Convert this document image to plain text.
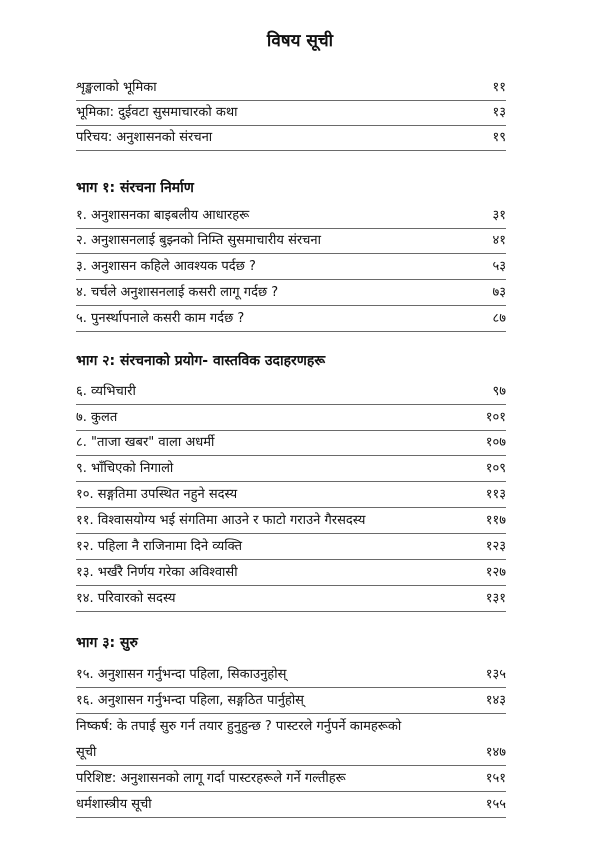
विषय सूची
शृङ्खलाको भूमिका	११
भूमिका: दुईवटा सुसमाचारको कथा	१३
परिचय: अनुशासनको संरचना	१९
भाग १: संरचना निर्माण
१. अनुशासनका बाइबलीय आधारहरू	३१
२. अनुशासनलाई बुझ्नको निम्ति सुसमाचारीय संरचना	४१
३. अनुशासन कहिले आवश्यक पर्दछ ?	५३
४. चर्चले अनुशासनलाई कसरी लागू गर्दछ ?	७३
५. पुनर्स्थापनाले कसरी काम गर्दछ ?	८७
भाग २: संरचनाको प्रयोग- वास्तविक उदाहरणहरू
६. व्यभिचारी	९७
७. कुलत	१०१
८. "ताजा खबर" वाला अधर्मी	१०७
९. भाँचिएको निगालो	१०९
१०. सङ्गतिमा उपस्थित नहुने सदस्य	११३
११. विश्वासयोग्य भई संगतिमा आउने र फाटो गराउने गैरसदस्य	११७
१२. पहिला नै राजिनामा दिने व्यक्ति	१२३
१३. भर्खरै निर्णय गरेका अविश्वासी	१२७
१४. परिवारको सदस्य	१३१
भाग ३: सुरु
१५. अनुशासन गर्नुभन्दा पहिला, सिकाउनुहोस्	१३५
१६. अनुशासन गर्नुभन्दा पहिला, सङ्गठित पार्नुहोस्	१४३
निष्कर्ष: के तपाई सुरु गर्न तयार हुनुहुन्छ ? पास्टरले गर्नुपर्ने कामहरूको
सूची	१४७
परिशिष्ट: अनुशासनको लागू गर्दा पास्टरहरूले गर्ने गल्तीहरू	१५१
धर्मशास्त्रीय सूची	१५५
